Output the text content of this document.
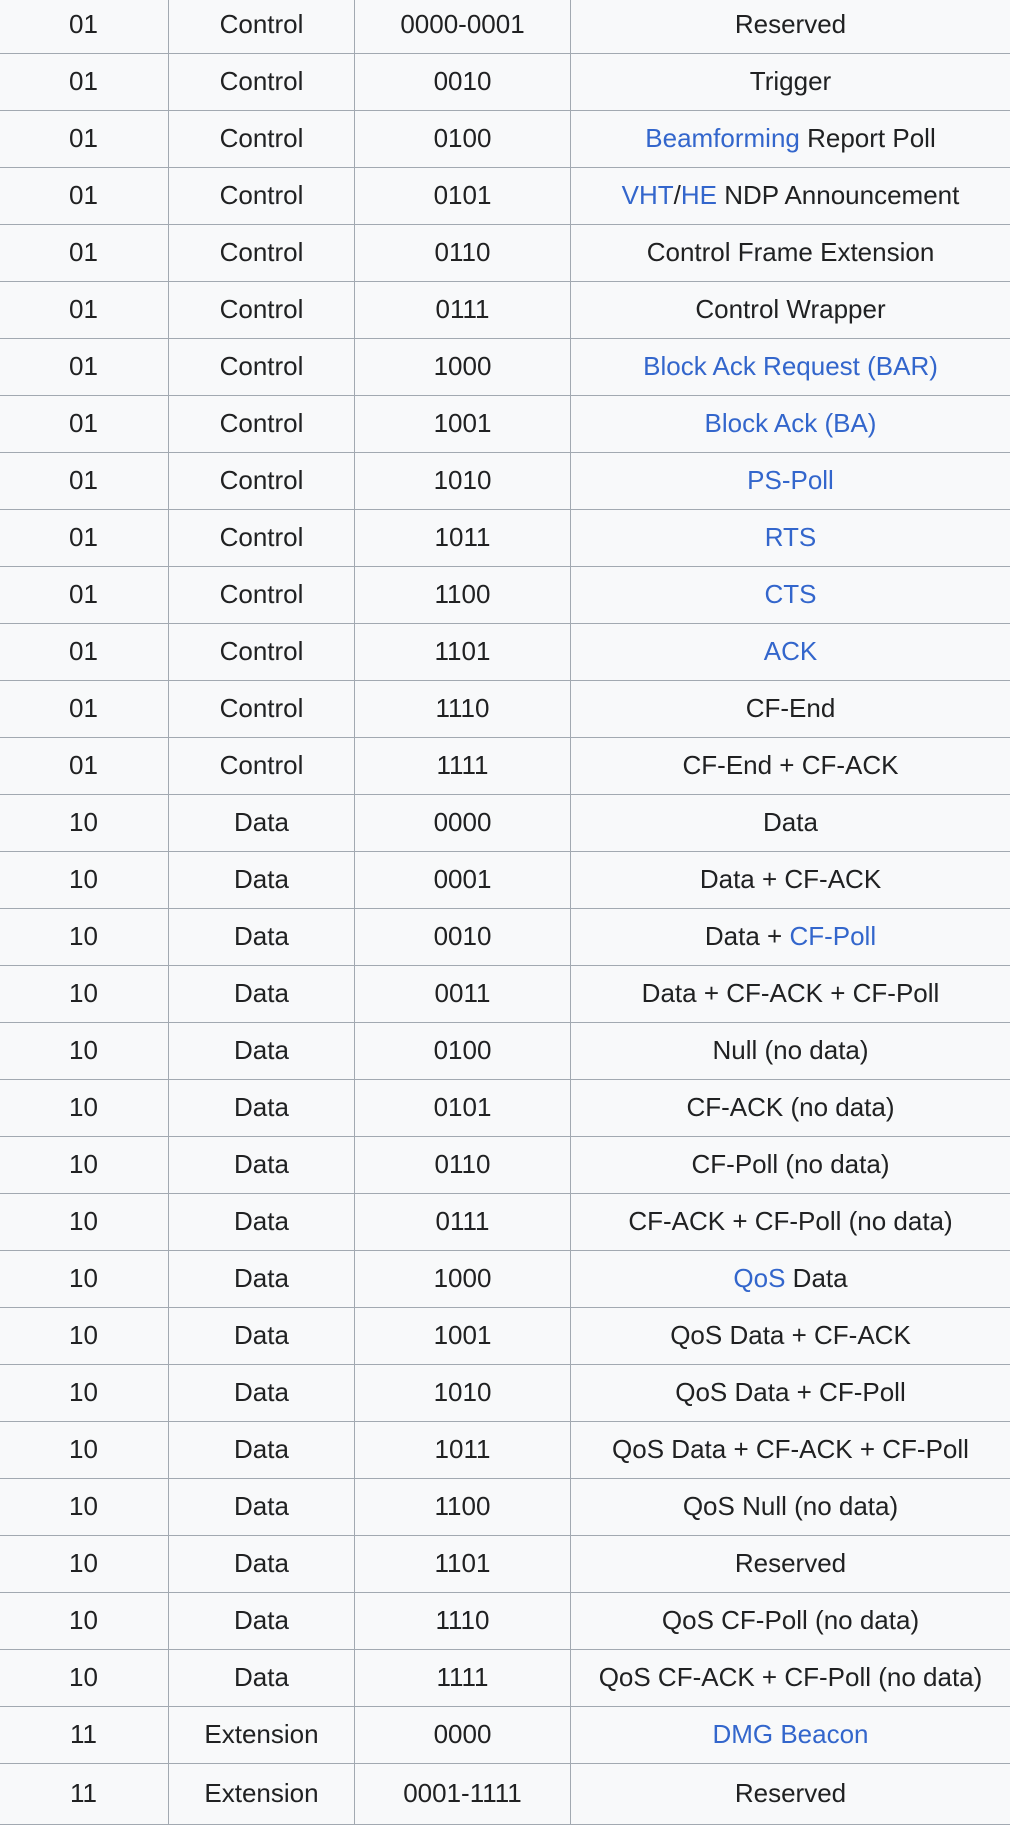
01	Control	0000-0001	Reserved
01	Control	0010	Trigger
01	Control	0100	Beamforming Report Poll
01	Control	0101	VHT/HE NDP Announcement
01	Control	0110	Control Frame Extension
01	Control	0111	Control Wrapper
01	Control	1000	Block Ack Request (BAR)
01	Control	1001	Block Ack (BA)
01	Control	1010	PS-Poll
01	Control	1011	RTS
01	Control	1100	CTS
01	Control	1101	ACK
01	Control	1110	CF-End
01	Control	1111	CF-End + CF-ACK
10	Data	0000	Data
10	Data	0001	Data + CF-ACK
10	Data	0010	Data + CF-Poll
10	Data	0011	Data + CF-ACK + CF-Poll
10	Data	0100	Null (no data)
10	Data	0101	CF-ACK (no data)
10	Data	0110	CF-Poll (no data)
10	Data	0111	CF-ACK + CF-Poll (no data)
10	Data	1000	QoS Data
10	Data	1001	QoS Data + CF-ACK
10	Data	1010	QoS Data + CF-Poll
10	Data	1011	QoS Data + CF-ACK + CF-Poll
10	Data	1100	QoS Null (no data)
10	Data	1101	Reserved
10	Data	1110	QoS CF-Poll (no data)
10	Data	1111	QoS CF-ACK + CF-Poll (no data)
11	Extension	0000	DMG Beacon
11	Extension	0001-1111	Reserved
